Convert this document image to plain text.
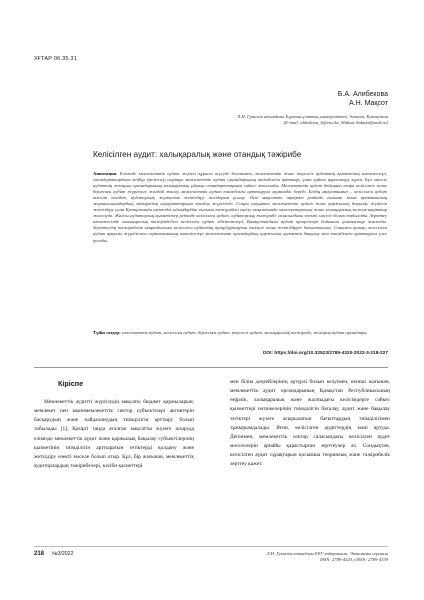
ХҒТАР 06.35.31
Б.А. Алибекова
А.Н. Мақсот
Л.Н. Гумилев атындағы Еуразия ұлттық университеті, Астана, Қазақстан
(E-mail: alibekova_b@enu.kz, Maksot.Aidana@mail.ru)
Келісілген аудит: халықаралық және отандық тәжірибе
Аннотация. Елімізде мемлекеттік аудит жүйесі құрыла түсуде болғанмен, мемлекеттік және тәуелсіз аудиттің қызметінің нәтижелері, стандарттардағы кейбір ережелер сыртқы мемлекеттік аудит органдарының тиімділігін арттыру үшін қайта қарастыру керек. Бұл мәселе аудиттің жоғарғы органдарының халықаралық ұйымы стандарттарына сәйкес жасалады. Мемлекеттік аудит бойынша өзара келісілген және бірлескен аудит жүргізуге жағдай жасау, мемлекеттік аудит тиімділігін арттыруға мүмкіндік береді. Біздің мақсатымыз – келісілген аудит тәсілін талдап, аудиторлық жұмысты жетілдіру жолдарын ұсыну. Осы мақсатта ақпарат ретінде ғылыми және практикалық жарияланымдардың мазмұндық ақпараттарына талдау жүргізілді. Соңғы уақытта мемлекеттік аудит және қаржылық бақылау жүйесін жетілдіру үшін Қазақстанда шетелдік ұйымдардан ғылыми тәжірибені енгізу мақсатында мемлекетаралық және халықаралық келісім-шарттар жасалуда. Жалпы аудиторлық қызметтер ретінде келісілген аудит, аудиторлық тәжірибе саласындағы өзекті мәселе болып табылады. Зерттеу нәтижесінде халықаралық тәжірибедегі келісілген аудит әдістемелері, Қазақстандағы аудит процестері бойынша ұсыныстар жасалды. Зерттеудің тәжірибелік маңыздылығы келісілген аудиттің процедураларын енгізуге және жетілдіруге бағытталған. Сонымен қатар, келісілген аудит арқылы жүргізілген сараптаманың нәтижелері мемлекеттік органдардың қаржылық қызметін бақылау мен тиімділігін арттыруға үлес қосады.
Түйін сөздер: мемлекеттік аудит, келісілген аудит, бірлескен аудит, тәуелсіз аудит, халықаралық тәжірибе, жоғарғы аудит органдары.
DOI: https://doi.org/10.32523/2789-4320-2022-3-218-227
Кіріспе
Мемлекеттік аудитті жүргізудің мақсаты бюджет қаржыларын, мемлекет пен квазимемлекеттік сектор субъектілері активтерін басқарудың және пайдаланудың тиімділігін арттыру болып табылады [1]. Қазіргі таңда аталған мақсатты жүзеге асыруда елімізде мемлекеттік аудит және қаржылық бақылау субъектілерінің қызметінің тиімділігін арттыратын тетіктерді қолдану және жетілдіру өзекті мәселе болып отыр. Бұл, бір жағынан, мемлекеттік аудиторлардың тәжірибелері, кәсіби қасиеттері
мен білім деңгейлерінің әртүрлі болып келуімен, екінші жағынан, мемлекеттік аудит органдарының Қазақстан Республикасының өңірлік, халықаралық және жалпыдағы келісімдерге сәйкес қызметтері нәтижелерінің тиімділігін бағалау, аудит және бақылау тетіктері жүзеге асырылатын бағыттардың тиімділігімен тұжырымдалады. Яғни, келісілген аудиттердің мәні артуда. Дегенмен, мемлекеттік сектор саласындағы келісілген аудит мәселелерін арнайы қарастырған зерттеулер аз. Сондықтан, келісілген аудит сұрақтарын қосымша теориялық және тәжірибелік зерттеу қажет.
218 №3/2022	Л.Н. Гумилев атындағы ЕҰУ хабаршысы. Экономика сериясы
ISSN: 2789-4320, eISSN: 2789-4339
